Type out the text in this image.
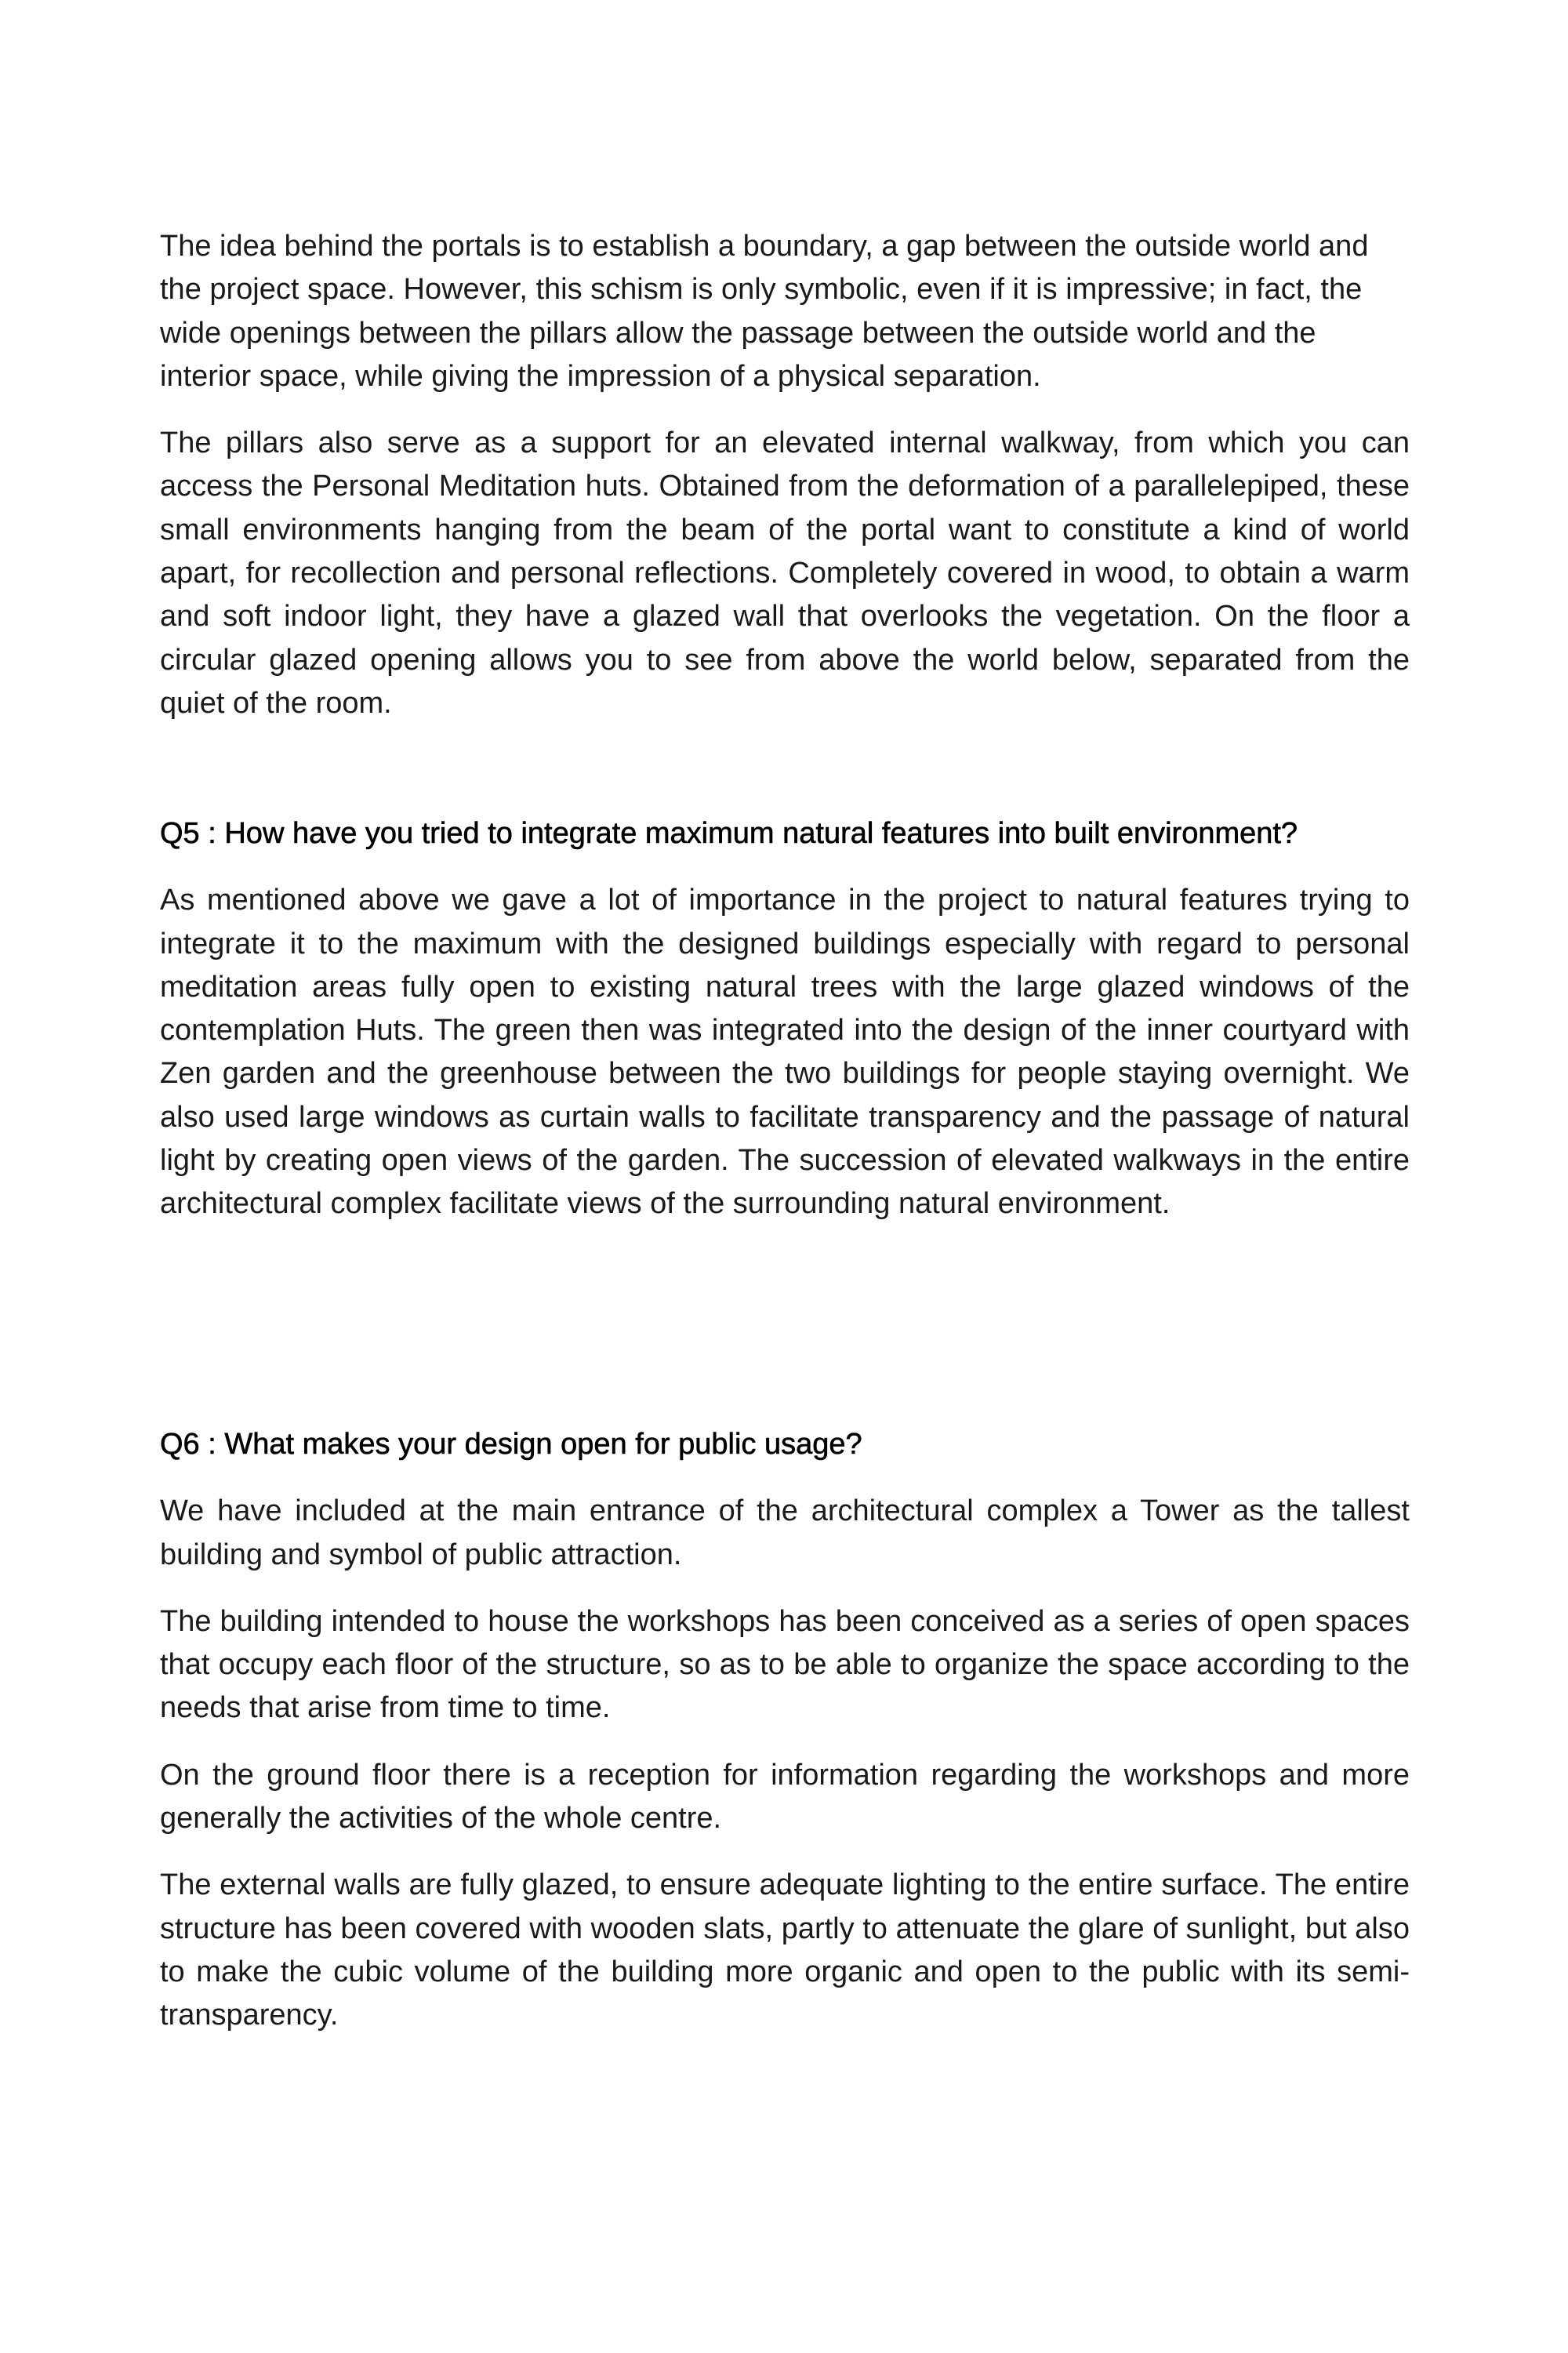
The idea behind the portals is to establish a boundary, a gap between the outside world and the project space. However, this schism is only symbolic, even if it is impressive; in fact, the wide openings between the pillars allow the passage between the outside world and the interior space, while giving the impression of a physical separation.

The pillars also serve as a support for an elevated internal walkway, from which you can access the Personal Meditation huts. Obtained from the deformation of a parallelepiped, these small environments hanging from the beam of the portal want to constitute a kind of world apart, for recollection and personal reflections. Completely covered in wood, to obtain a warm and soft indoor light, they have a glazed wall that overlooks the vegetation. On the floor a circular glazed opening allows you to see from above the world below, separated from the quiet of the room.

Q5 : How have you tried to integrate maximum natural features into built environment?

As mentioned above we gave a lot of importance in the project to natural features trying to integrate it to the maximum with the designed buildings especially with regard to personal meditation areas fully open to existing natural trees with the large glazed windows of the contemplation Huts. The green then was integrated into the design of the inner courtyard with Zen garden and the greenhouse between the two buildings for people staying overnight. We also used large windows as curtain walls to facilitate transparency and the passage of natural light by creating open views of the garden. The succession of elevated walkways in the entire architectural complex facilitate views of the surrounding natural environment.

Q6 : What makes your design open for public usage?

We have included at the main entrance of the architectural complex a Tower as the tallest building and symbol of public attraction.

The building intended to house the workshops has been conceived as a series of open spaces that occupy each floor of the structure, so as to be able to organize the space according to the needs that arise from time to time.

On the ground floor there is a reception for information regarding the workshops and more generally the activities of the whole centre.

The external walls are fully glazed, to ensure adequate lighting to the entire surface. The entire structure has been covered with wooden slats, partly to attenuate the glare of sunlight, but also to make the cubic volume of the building more organic and open to the public with its semi-transparency.
